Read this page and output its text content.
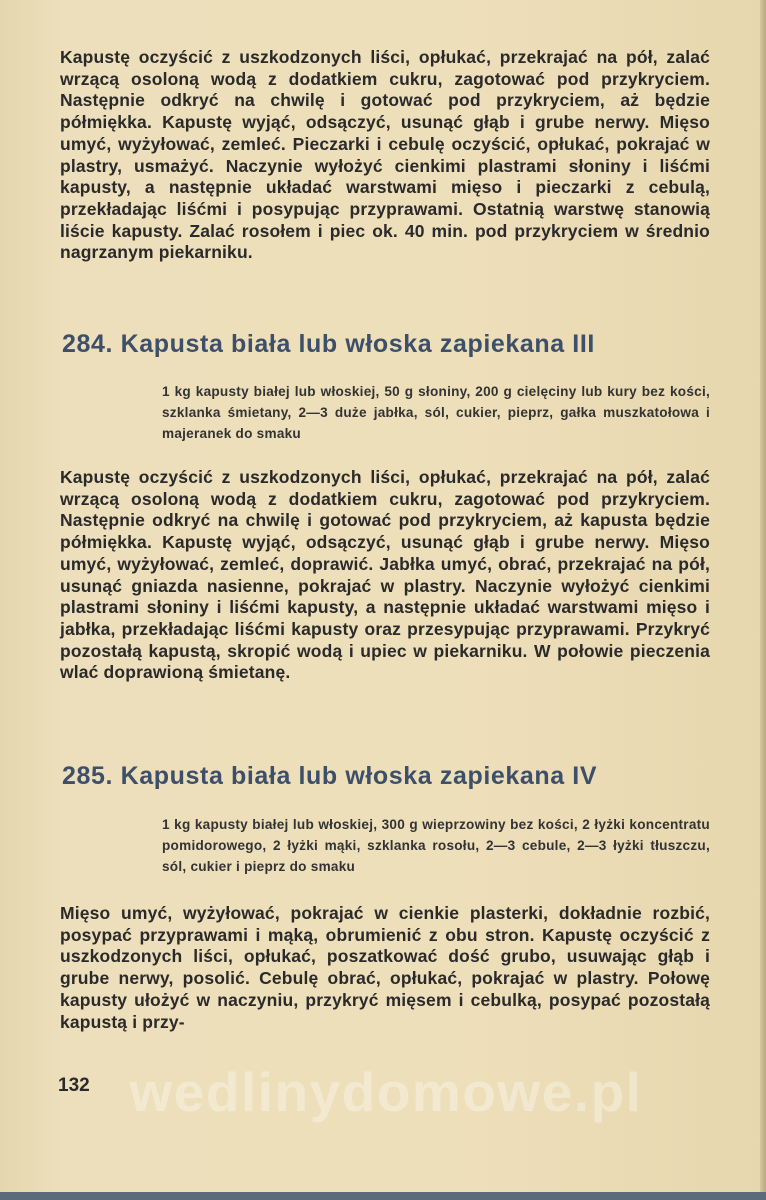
Kapustę oczyścić z uszkodzonych liści, opłukać, przekrajać na pół, zalać wrzącą osoloną wodą z dodatkiem cukru, zagotować pod przykryciem. Następnie odkryć na chwilę i gotować pod przykryciem, aż będzie półmiękka. Kapustę wyjąć, odsączyć, usunąć głąb i grube nerwy. Mięso umyć, wyżyłować, zemleć. Pieczarki i cebulę oczyścić, opłukać, pokrajać w plastry, usmażyć. Naczynie wyłożyć cienkimi plastrami słoniny i liśćmi kapusty, a następnie układać warstwami mięso i pieczarki z cebulą, przekładając liśćmi i posypując przyprawami. Ostatnią warstwę stanowią liście kapusty. Zalać rosołem i piec ok. 40 min. pod przykryciem w średnio nagrzanym piekarniku.

284. Kapusta biała lub włoska zapiekana III

1 kg kapusty białej lub włoskiej, 50 g słoniny, 200 g cielęciny lub kury bez kości, szklanka śmietany, 2—3 duże jabłka, sól, cukier, pieprz, gałka muszkatołowa i majeranek do smaku

Kapustę oczyścić z uszkodzonych liści, opłukać, przekrajać na pół, zalać wrzącą osoloną wodą z dodatkiem cukru, zagotować pod przykryciem. Następnie odkryć na chwilę i gotować pod przykryciem, aż kapusta będzie półmiękka. Kapustę wyjąć, odsączyć, usunąć głąb i grube nerwy. Mięso umyć, wyżyłować, zemleć, doprawić. Jabłka umyć, obrać, przekrajać na pół, usunąć gniazda nasienne, pokrajać w plastry. Naczynie wyłożyć cienkimi plastrami słoniny i liśćmi kapusty, a następnie układać warstwami mięso i jabłka, przekładając liśćmi kapusty oraz przesypując przyprawami. Przykryć pozostałą kapustą, skropić wodą i upiec w piekarniku. W połowie pieczenia wlać doprawioną śmietanę.

285. Kapusta biała lub włoska zapiekana IV

1 kg kapusty białej lub włoskiej, 300 g wieprzowiny bez kości, 2 łyżki koncentratu pomidorowego, 2 łyżki mąki, szklanka rosołu, 2—3 cebule, 2—3 łyżki tłuszczu, sól, cukier i pieprz do smaku

Mięso umyć, wyżyłować, pokrajać w cienkie plasterki, dokładnie rozbić, posypać przyprawami i mąką, obrumienić z obu stron. Kapustę oczyścić z uszkodzonych liści, opłukać, poszatkować dość grubo, usuwając głąb i grube nerwy, posolić. Cebulę obrać, opłukać, pokrajać w plastry. Połowę kapusty ułożyć w naczyniu, przykryć mięsem i cebulką, posypać pozostałą kapustą i przy-

132 wedlinydomowe.pl
